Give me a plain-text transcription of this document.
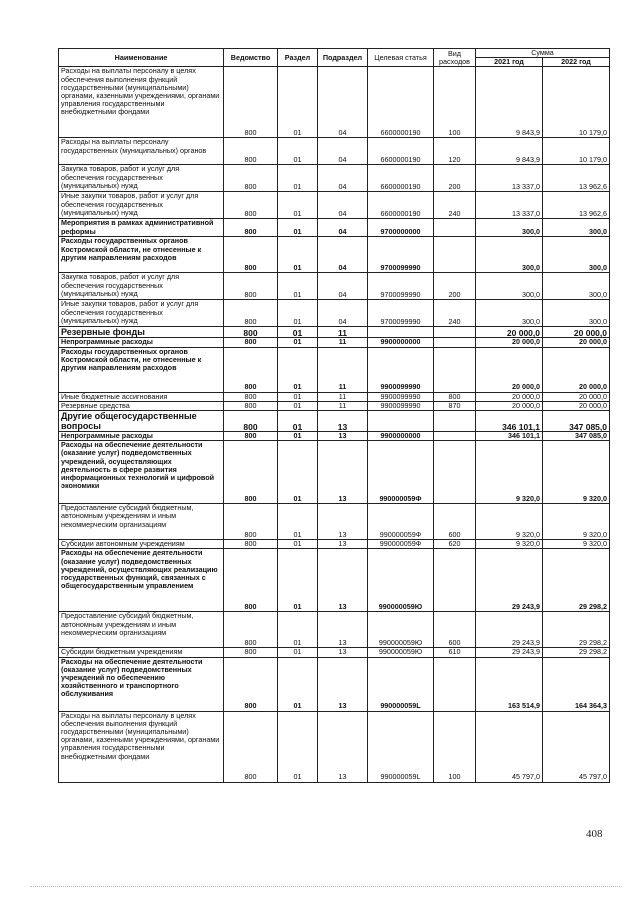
Наименование	Ведомство	Раздел	Подраздел	Целевая статья	Вид расходов	Сумма	
						2021 год	2022 год
Расходы на выплаты персоналу в целях обеспечения выполнения функций государственными (муниципальными) органами, казенными учреждениями, органами управления государственными внебюджетными фондами	800	01	04	6600000190	100	9 843,9	10 179,0
Расходы на выплаты персоналу государственных (муниципальных) органов	800	01	04	6600000190	120	9 843,9	10 179,0
Закупка товаров, работ и услуг для обеспечения государственных (муниципальных) нужд	800	01	04	6600000190	200	13 337,0	13 962,6
Иные закупки товаров, работ и услуг для обеспечения государственных (муниципальных) нужд	800	01	04	6600000190	240	13 337,0	13 962,6
Мероприятия в рамках административной реформы	800	01	04	9700000000		300,0	300,0
Расходы государственных органов Костромской области, не отнесенные к другим направлениям расходов	800	01	04	9700099990		300,0	300,0
Закупка товаров, работ и услуг для обеспечения государственных (муниципальных) нужд	800	01	04	9700099990	200	300,0	300,0
Иные закупки товаров, работ и услуг для обеспечения государственных (муниципальных) нужд	800	01	04	9700099990	240	300,0	300,0
Резервные фонды	800	01	11			20 000,0	20 000,0
Непрограммные расходы	800	01	11	9900000000		20 000,0	20 000,0
Расходы государственных органов Костромской области, не отнесенные к другим направлениям расходов	800	01	11	9900099990		20 000,0	20 000,0
Иные бюджетные ассигнования	800	01	11	9900099990	800	20 000,0	20 000,0
Резервные средства	800	01	11	9900099990	870	20 000,0	20 000,0
Другие общегосударственные вопросы	800	01	13			346 101,1	347 085,0
Непрограммные расходы	800	01	13	9900000000		346 101,1	347 085,0
Расходы на обеспечение деятельности (оказание услуг) подведомственных учреждений, осуществляющих деятельность в сфере развития информационных технологий и цифровой экономики	800	01	13	990000059Ф		9 320,0	9 320,0
Предоставление субсидий бюджетным, автономным учреждениям и иным некоммерческим организациям	800	01	13	990000059Ф	600	9 320,0	9 320,0
Субсидии автономным учреждениям	800	01	13	990000059Ф	620	9 320,0	9 320,0
Расходы на обеспечение деятельности (оказание услуг) подведомственных учреждений, осуществляющих реализацию государственных функций, связанных с общегосударственным управлением	800	01	13	990000059Ю		29 243,9	29 298,2
Предоставление субсидий бюджетным, автономным учреждениям и иным некоммерческим организациям	800	01	13	990000059Ю	600	29 243,9	29 298,2
Субсидии бюджетным учреждениям	800	01	13	990000059Ю	610	29 243,9	29 298,2
Расходы на обеспечение деятельности (оказание услуг) подведомственных учреждений по обеспечению хозяйственного и транспортного обслуживания	800	01	13	990000059L		163 514,9	164 364,3
Расходы на выплаты персоналу в целях обеспечения выполнения функций государственными (муниципальными) органами, казенными учреждениями, органами управления государственными внебюджетными фондами	800	01	13	990000059L	100	45 797,0	45 797,0
408
